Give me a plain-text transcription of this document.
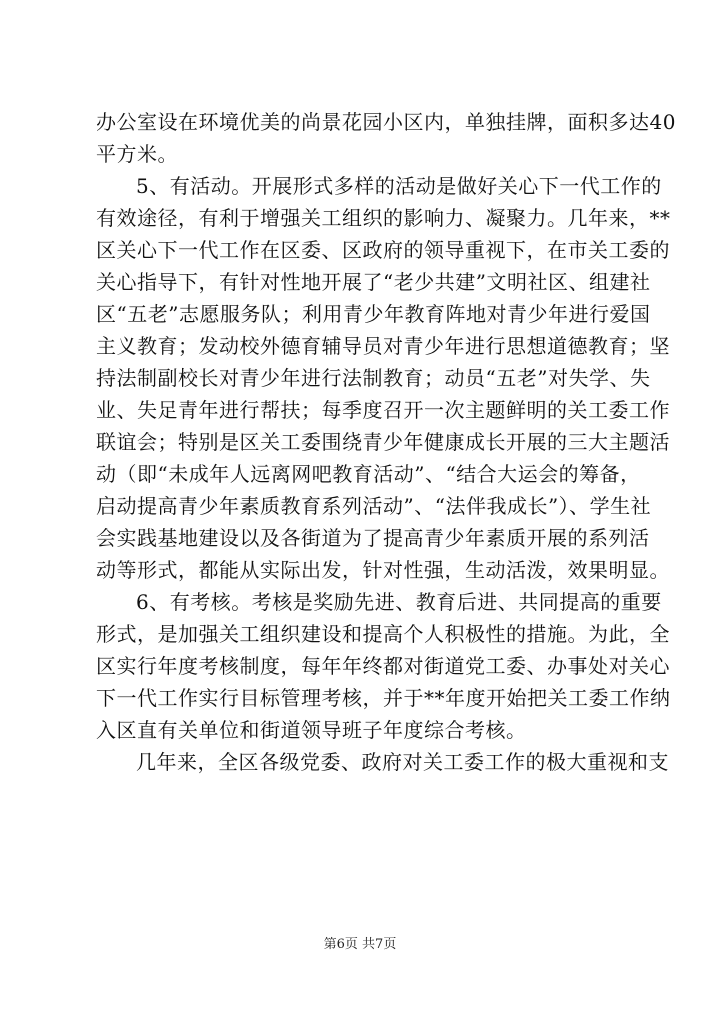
办公室设在环境优美的尚景花园小区内，单独挂牌，面积多达40
平方米。
5、有活动。开展形式多样的活动是做好关心下一代工作的
有效途径，有利于增强关工组织的影响力、凝聚力。几年来，**
区关心下一代工作在区委、区政府的领导重视下，在市关工委的
关心指导下，有针对性地开展了“老少共建”文明社区、组建社
区“五老”志愿服务队；利用青少年教育阵地对青少年进行爱国
主义教育；发动校外德育辅导员对青少年进行思想道德教育；坚
持法制副校长对青少年进行法制教育；动员“五老”对失学、失
业、失足青年进行帮扶；每季度召开一次主题鲜明的关工委工作
联谊会；特别是区关工委围绕青少年健康成长开展的三大主题活
动（即“未成年人远离网吧教育活动”、“结合大运会的筹备，
启动提高青少年素质教育系列活动”、“法伴我成长”）、学生社
会实践基地建设以及各街道为了提高青少年素质开展的系列活
动等形式，都能从实际出发，针对性强，生动活泼，效果明显。
6、有考核。考核是奖励先进、教育后进、共同提高的重要
形式，是加强关工组织建设和提高个人积极性的措施。为此，全
区实行年度考核制度，每年年终都对街道党工委、办事处对关心
下一代工作实行目标管理考核，并于**年度开始把关工委工作纳
入区直有关单位和街道领导班子年度综合考核。
几年来，全区各级党委、政府对关工委工作的极大重视和支
第6页 共7页
